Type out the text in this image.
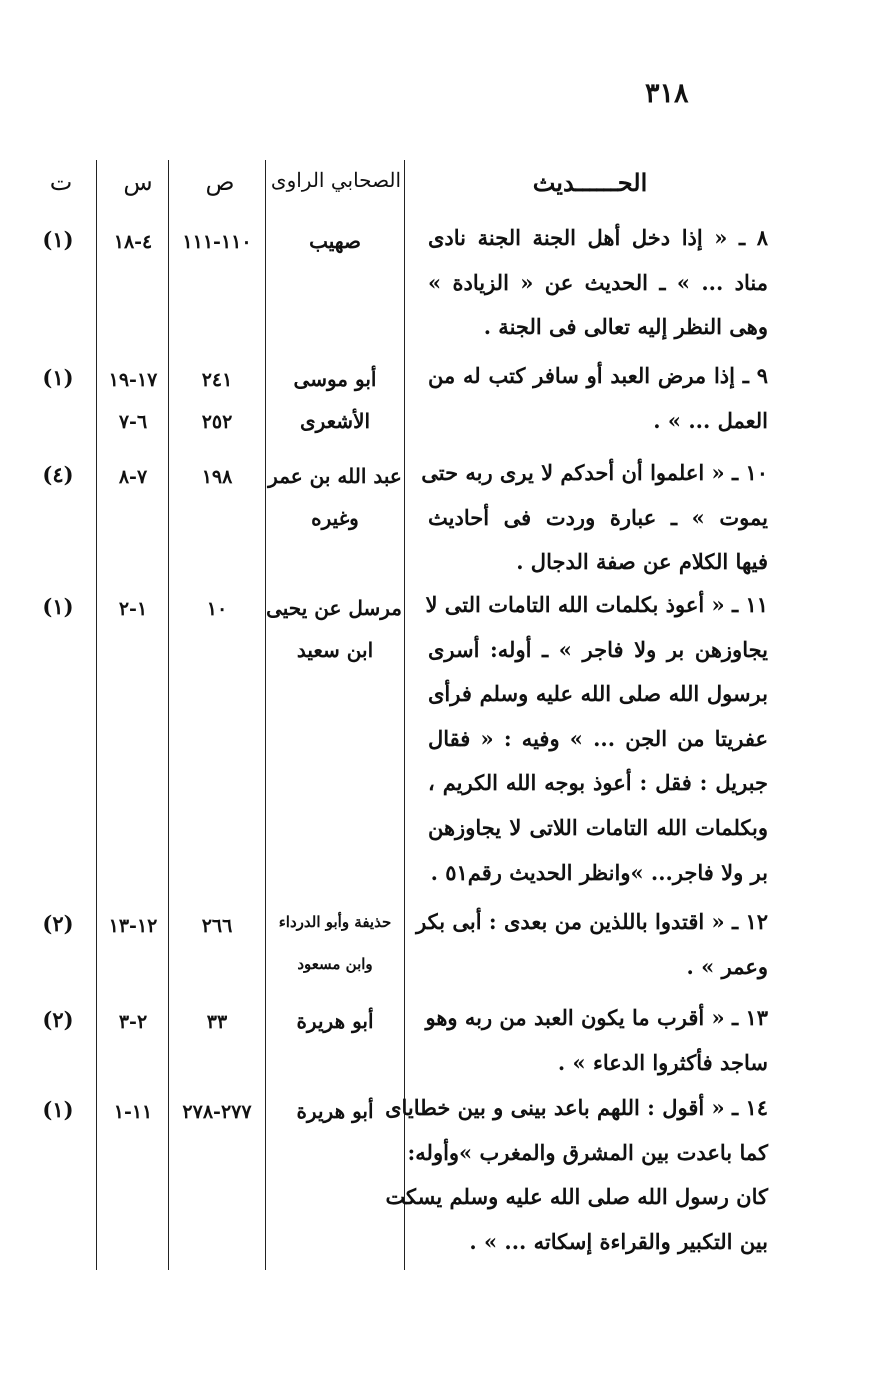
٣١٨
الحــــــديث
الصحابي الراوی
ص
س
ت
٨ ـ « إذا دخل أهل الجنة الجنة نادى
مناد ... » ـ الحديث عن « الزيادة »
وهى النظر إليه تعالى فى الجنة .
صهيب
١١٠-١١١
٤-١٨
(١)
٩ ـ إذا مرض العبد أو سافر كتب له من
العمل ... » .
أبو موسى
الأشعرى
٢٤١
٢٥٢
١٧-١٩
٦-٧
(١)
١٠ ـ « اعلموا أن أحدكم لا يرى ربه حتى
يموت » ـ عبارة وردت فى أحاديث
فيها الكلام عن صفة الدجال .
عبد الله بن عمر
وغيره
١٩٨
٧-٨
(٤)
١١ ـ « أعوذ بكلمات الله التامات التى لا
يجاوزهن بر ولا فاجر » ـ أوله: أسرى
برسول الله صلى الله عليه وسلم فرأى
عفريتا من الجن ... » وفيه : « فقال
جبريل : فقل : أعوذ بوجه الله الكريم ،
وبكلمات الله التامات اللاتى لا يجاوزهن
بر ولا فاجر... »وانظر الحديث رقم٥١ .
مرسل عن يحيى
ابن سعيد
١٠
١-٢
(١)
١٢ ـ « اقتدوا باللذين من بعدى : أبى بكر
وعمر » .
حذيفة وأبو الدرداء
وابن مسعود
٢٦٦
١٢-١٣
(٢)
١٣ ـ « أقرب ما يكون العبد من ربه وهو
ساجد فأكثروا الدعاء » .
أبو هريرة
٣٣
٢-٣
(٢)
١٤ ـ « أقول : اللهم باعد بينى و بين خطاياى
كما باعدت بين المشرق والمغرب »وأوله:
كان رسول الله صلى الله عليه وسلم يسكت
بين التكبير والقراءة إسكاته ... » .
أبو هريرة
٢٧٧-٢٧٨
١١-١
(١)
